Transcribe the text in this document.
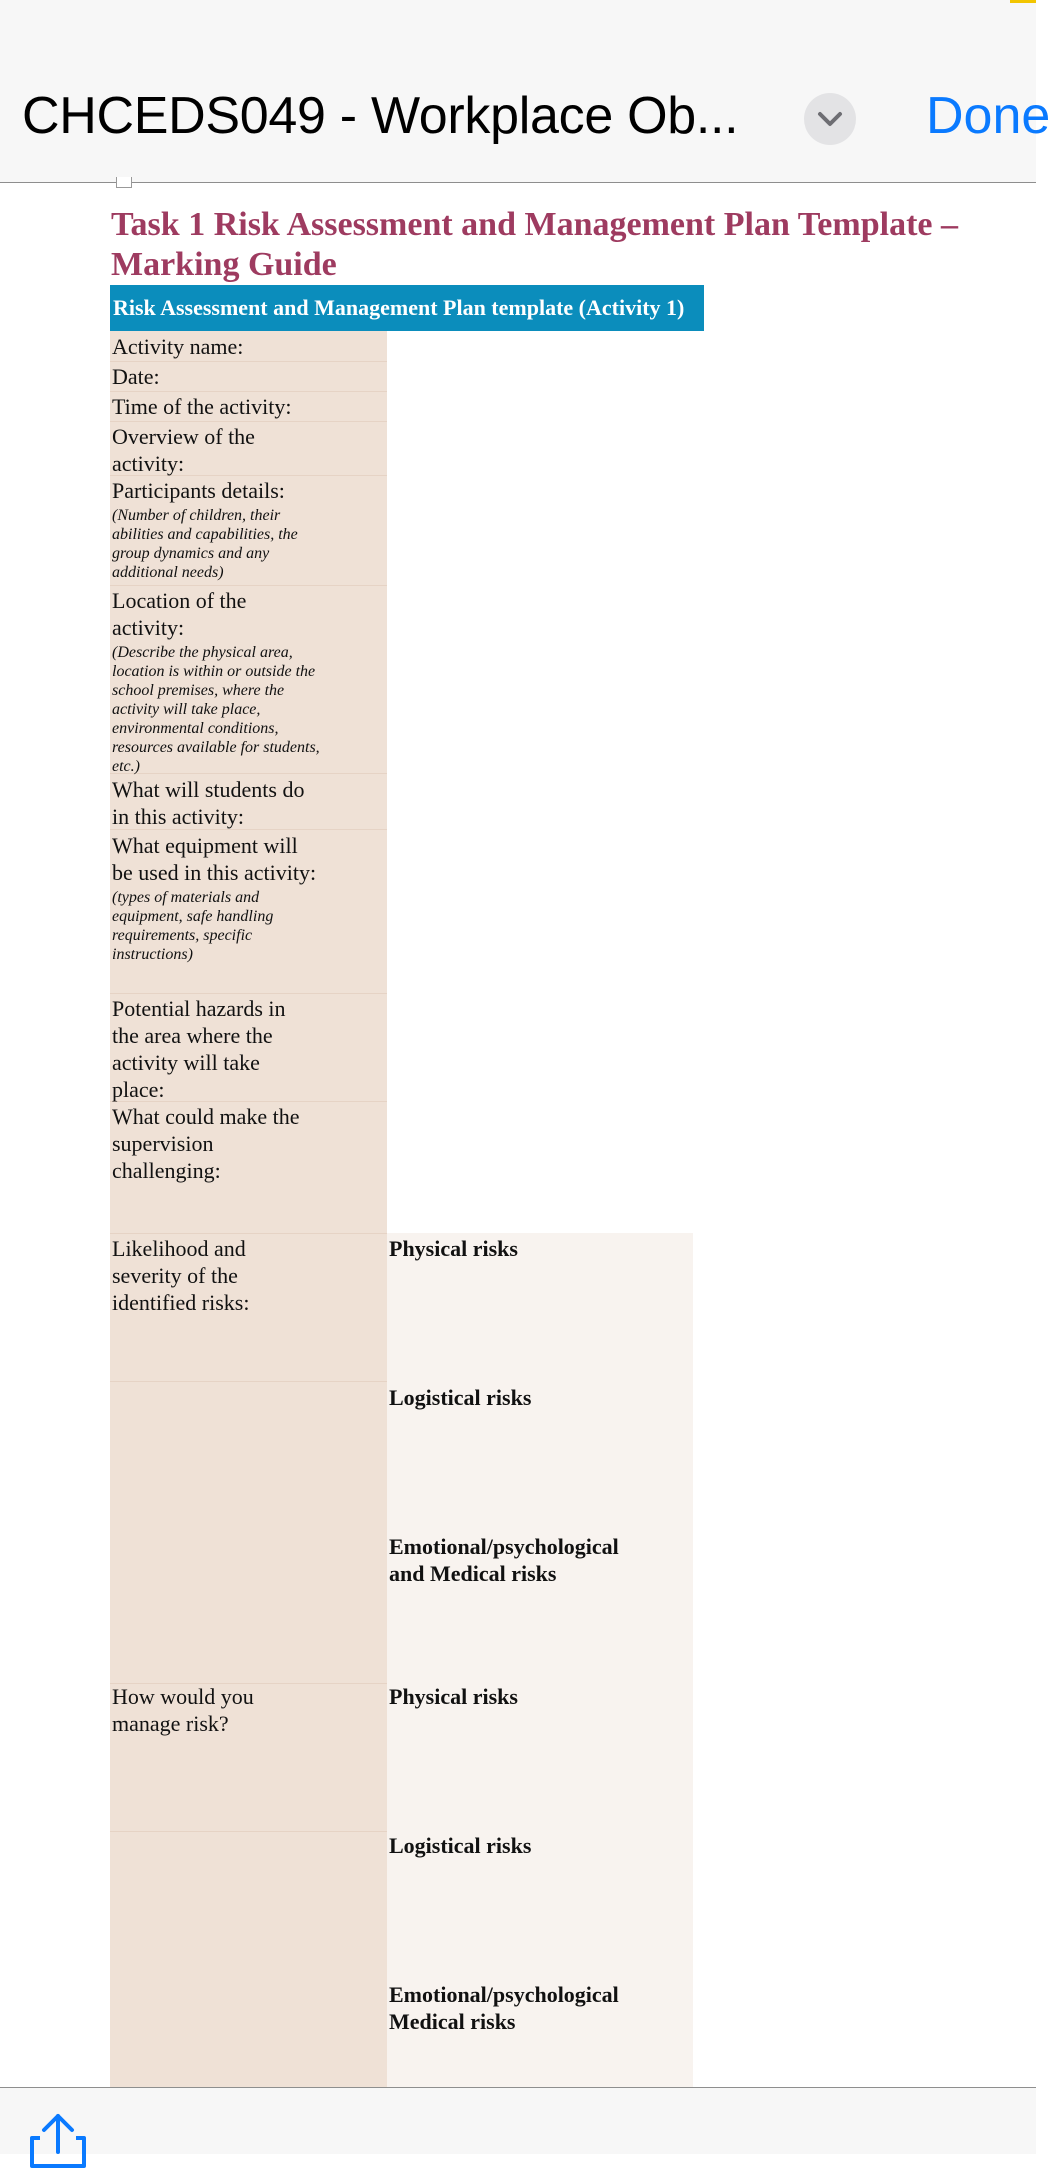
CHCEDS049 - Workplace Ob...	Done
Task 1 Risk Assessment and Management Plan Template – Marking Guide
Risk Assessment and Management Plan template (Activity 1)
Activity name:
Date:
Time of the activity:
Overview of the activity:
Participants details:
(Number of children, their abilities and capabilities, the group dynamics and any additional needs)
Location of the activity:
(Describe the physical area, location is within or outside the school premises, where the activity will take place, environmental conditions, resources available for students, etc.)
What will students do in this activity:
What equipment will be used in this activity:
(types of materials and equipment, safe handling requirements, specific instructions)
Potential hazards in the area where the activity will take place:
What could make the supervision challenging:
Likelihood and severity of the identified risks:
How would you manage risk?
Physical risks
Logistical risks
Emotional/psychological and Medical risks
Physical risks
Logistical risks
Emotional/psychological Medical risks
